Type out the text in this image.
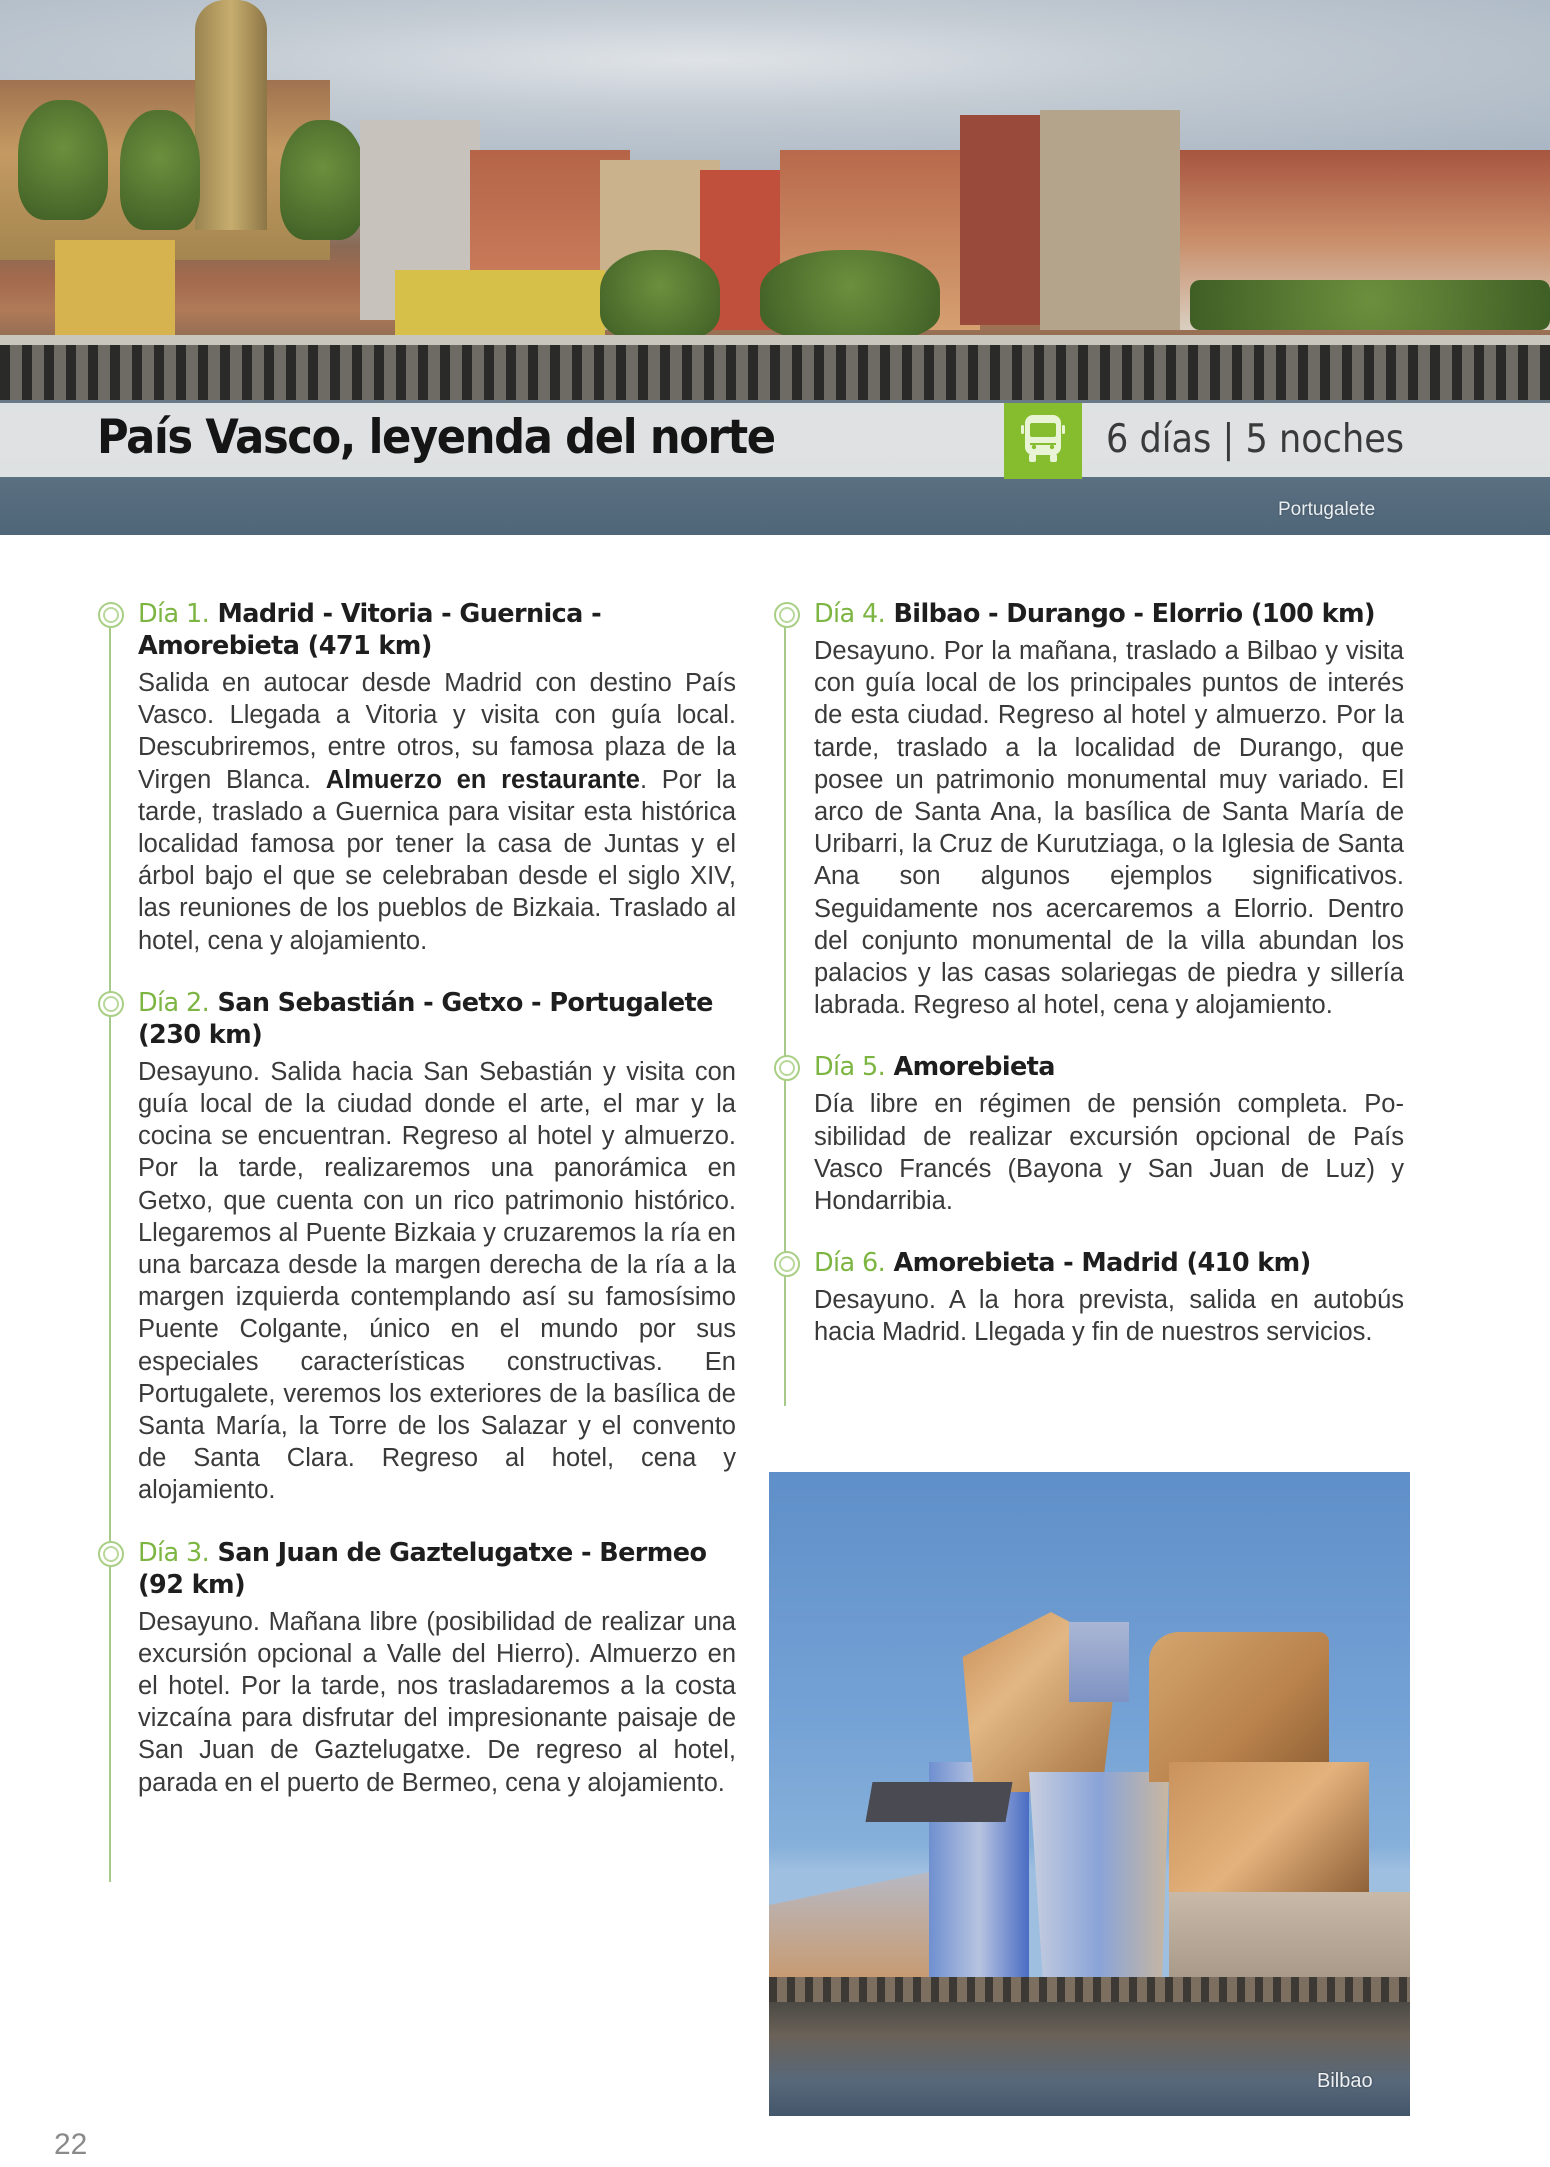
País Vasco, leyenda del norte	6 días | 5 noches
Portugalete
Día 1. Madrid - Vitoria - Guernica - Amorebieta (471 km)

Salida en autocar desde Madrid con destino País Vasco. Llegada a Vitoria y visita con guía local. Descubriremos, entre otros, su famosa plaza de la Virgen Blanca. Almuerzo en restaurante. Por la tarde, traslado a Guernica para visitar esta histórica localidad famosa por tener la casa de Juntas y el árbol bajo el que se celebraban desde el siglo XIV, las reuniones de los pueblos de Bizkaia. Traslado al hotel, cena y alojamiento.

Día 2. San Sebastián - Getxo - Portugalete (230 km)

Desayuno. Salida hacia San Sebastián y visita con guía local de la ciudad donde el arte, el mar y la cocina se encuentran. Regreso al hotel y almuerzo. Por la tarde, realizaremos una panorámica en Getxo, que cuenta con un rico patrimonio histórico. Llegaremos al Puente Bizkaia y cruzaremos la ría en una barcaza desde la margen derecha de la ría a la margen izquierda contemplando así su famosísimo Puente Colgante, único en el mundo por sus especiales características constructivas. En Portugalete, veremos los exteriores de la basílica de Santa María, la Torre de los Salazar y el convento de Santa Clara. Regreso al hotel, cena y alojamiento.

Día 3. San Juan de Gaztelugatxe - Bermeo (92 km)

Desayuno. Mañana libre (posibilidad de realizar una excursión opcional a Valle del Hierro). Almuerzo en el hotel. Por la tarde, nos trasladaremos a la costa vizcaína para disfrutar del impresionante paisaje de San Juan de Gaztelugatxe. De regreso al hotel, parada en el puerto de Bermeo, cena y alojamiento.

Día 4. Bilbao - Durango - Elorrio (100 km)

Desayuno. Por la mañana, traslado a Bilbao y visita con guía local de los principales puntos de interés de esta ciudad. Regreso al hotel y almuerzo. Por la tarde, traslado a la localidad de Durango, que posee un patrimonio monumental muy variado. El arco de Santa Ana, la basílica de Santa María de Uribarri, la Cruz de Kurutziaga, o la Iglesia de Santa Ana son algunos ejemplos significativos. Seguidamente nos acercaremos a Elorrio. Dentro del conjunto monumental de la villa abundan los palacios y las casas solariegas de piedra y sillería labrada. Regreso al hotel, cena y alojamiento.

Día 5. Amorebieta

Día libre en régimen de pensión completa. Posibilidad de realizar excursión opcional de País Vasco Francés (Bayona y San Juan de Luz) y Hondarribia.

Día 6. Amorebieta - Madrid (410 km)

Desayuno. A la hora prevista, salida en autobús hacia Madrid. Llegada y fin de nuestros servicios.

Bilbao
22
